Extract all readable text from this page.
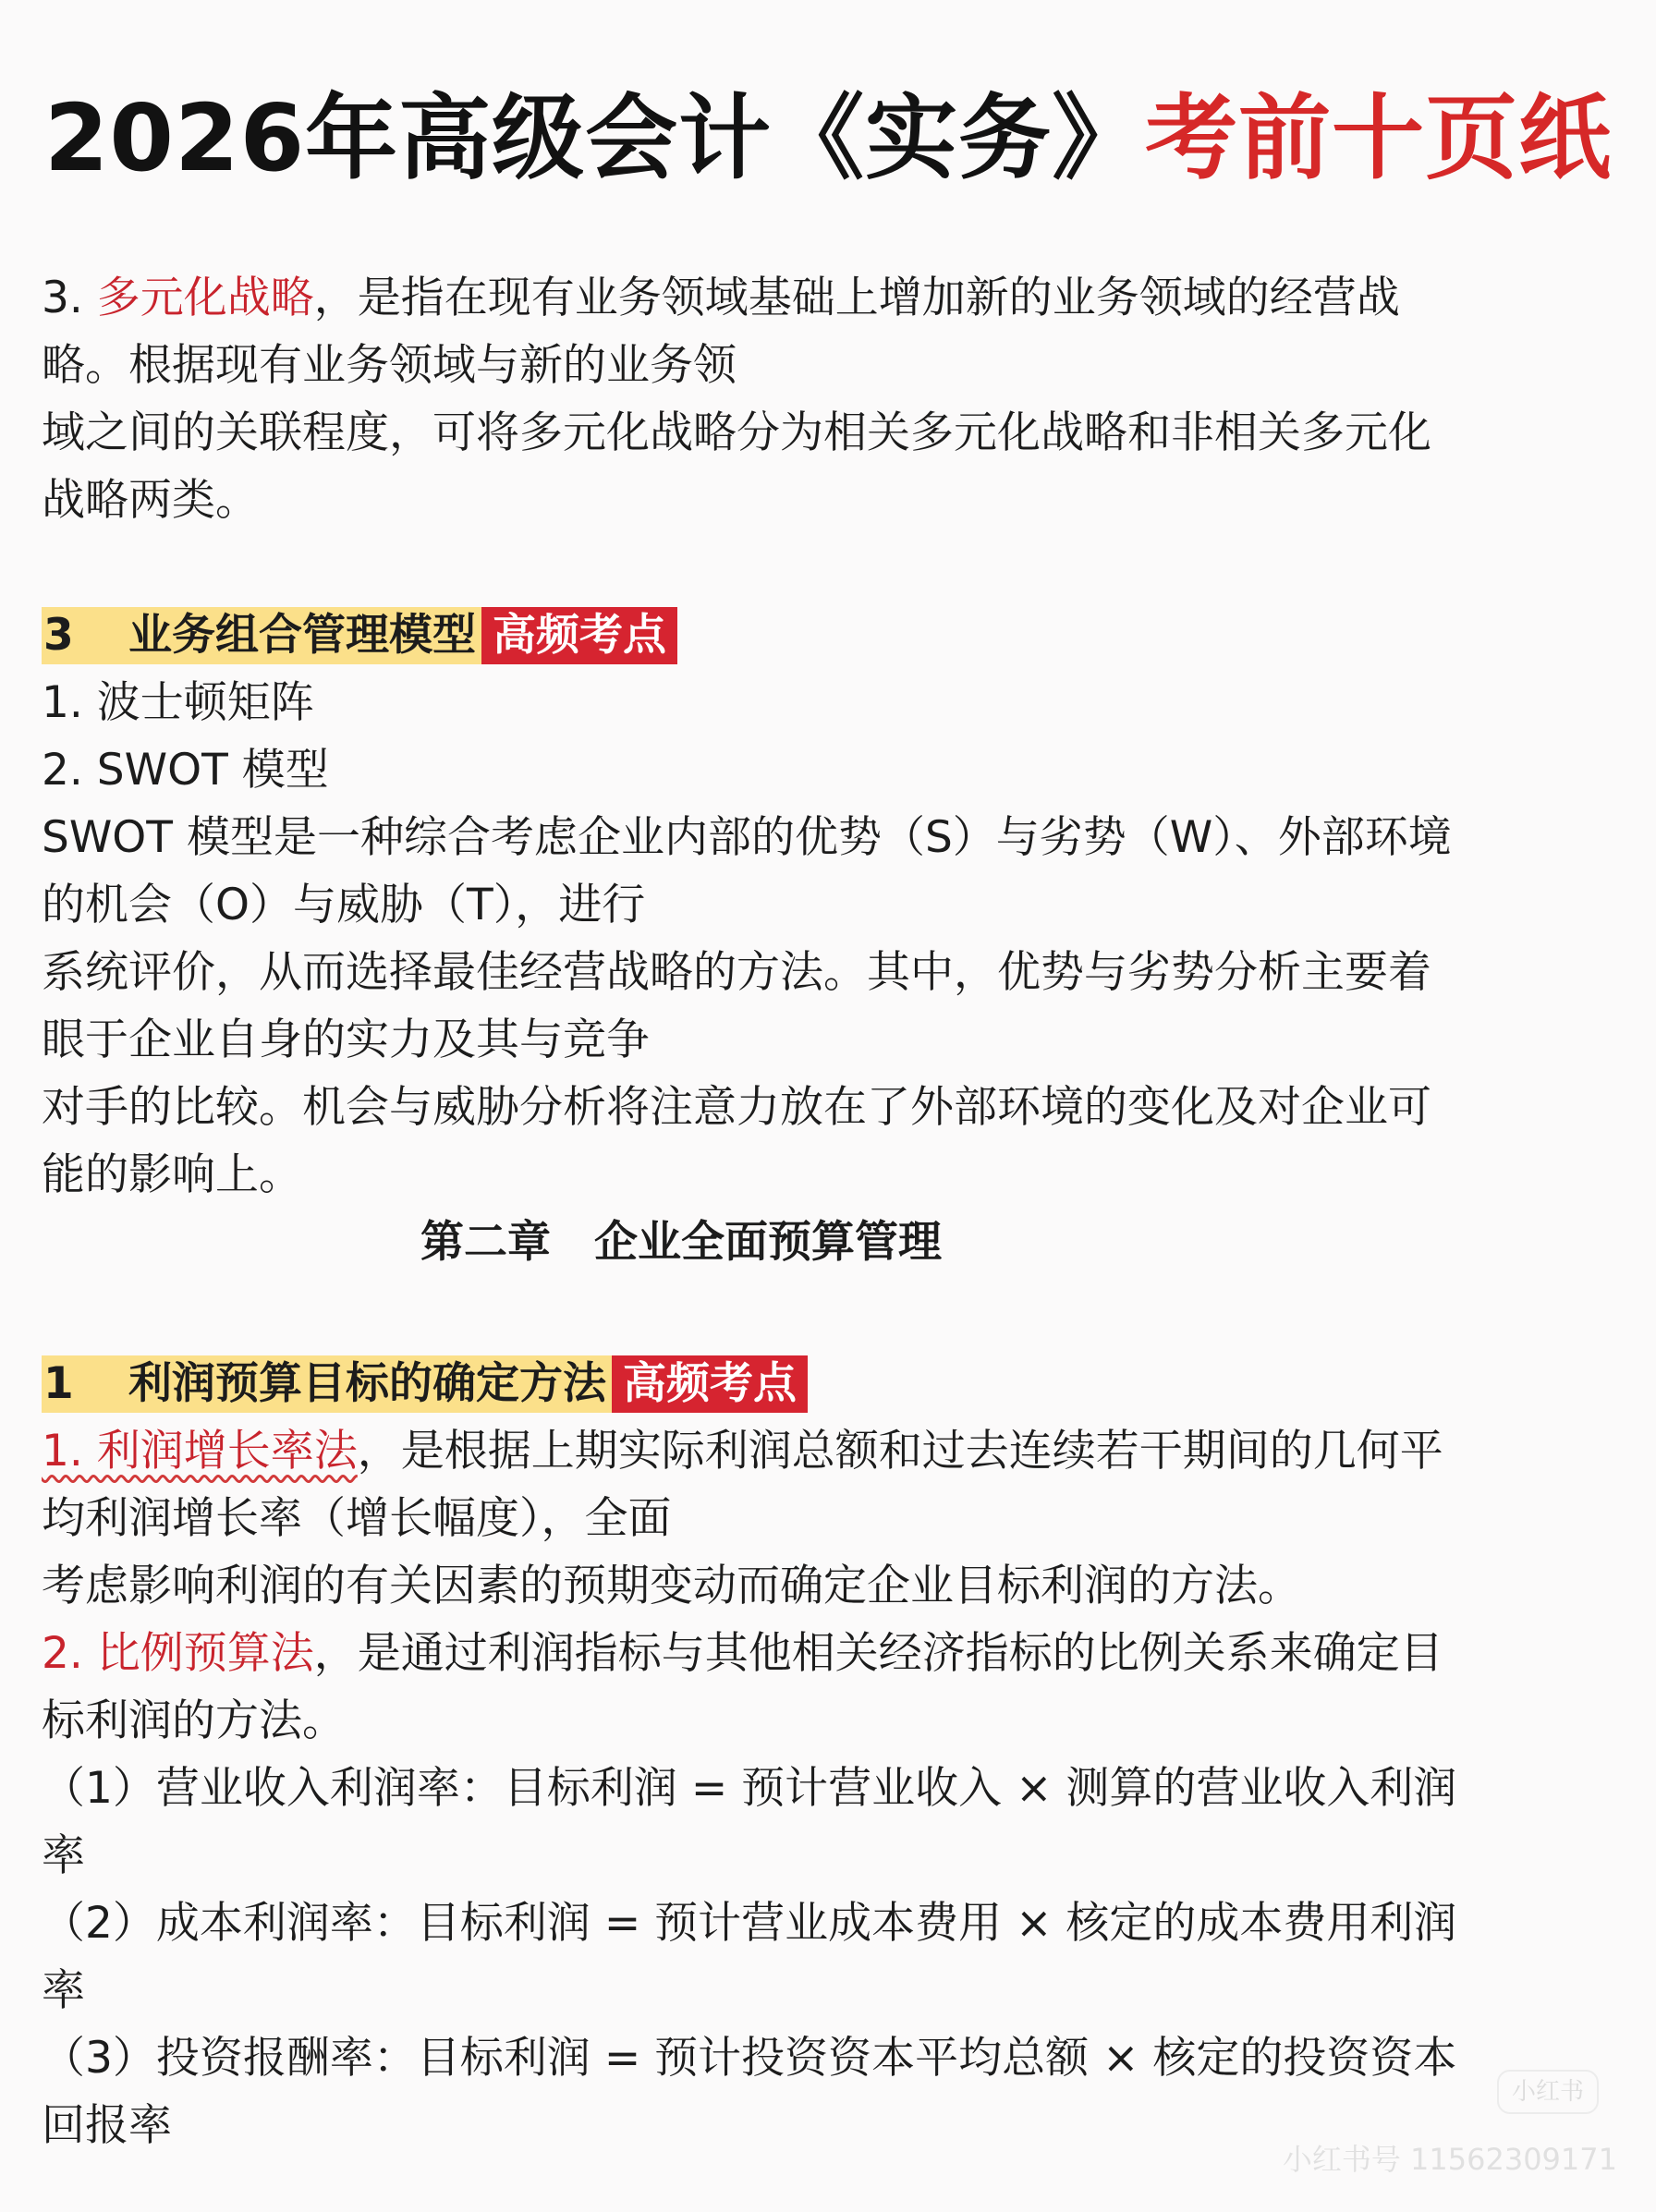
2026年高级会计《实务》考前十页纸
3. 多元化战略，是指在现有业务领域基础上增加新的业务领域的经营战
略。根据现有业务领域与新的业务领
域之间的关联程度，可将多元化战略分为相关多元化战略和非相关多元化
战略两类。
3 业务组合管理模型 高频考点
1. 波士顿矩阵
2. SWOT 模型
SWOT 模型是一种综合考虑企业内部的优势（S）与劣势（W）、外部环境
的机会（O）与威胁（T），进行
系统评价，从而选择最佳经营战略的方法。其中，优势与劣势分析主要着
眼于企业自身的实力及其与竞争
对手的比较。机会与威胁分析将注意力放在了外部环境的变化及对企业可
能的影响上。
第二章　企业全面预算管理
1 利润预算目标的确定方法 高频考点
1. 利润增长率法，是根据上期实际利润总额和过去连续若干期间的几何平
均利润增长率（增长幅度），全面
考虑影响利润的有关因素的预期变动而确定企业目标利润的方法。
2. 比例预算法，是通过利润指标与其他相关经济指标的比例关系来确定目
标利润的方法。
（1）营业收入利润率：目标利润 = 预计营业收入 × 测算的营业收入利润
率
（2）成本利润率：目标利润 = 预计营业成本费用 × 核定的成本费用利润
率
（3）投资报酬率：目标利润 = 预计投资资本平均总额 × 核定的投资资本
回报率
小红书
小红书号 11562309171
